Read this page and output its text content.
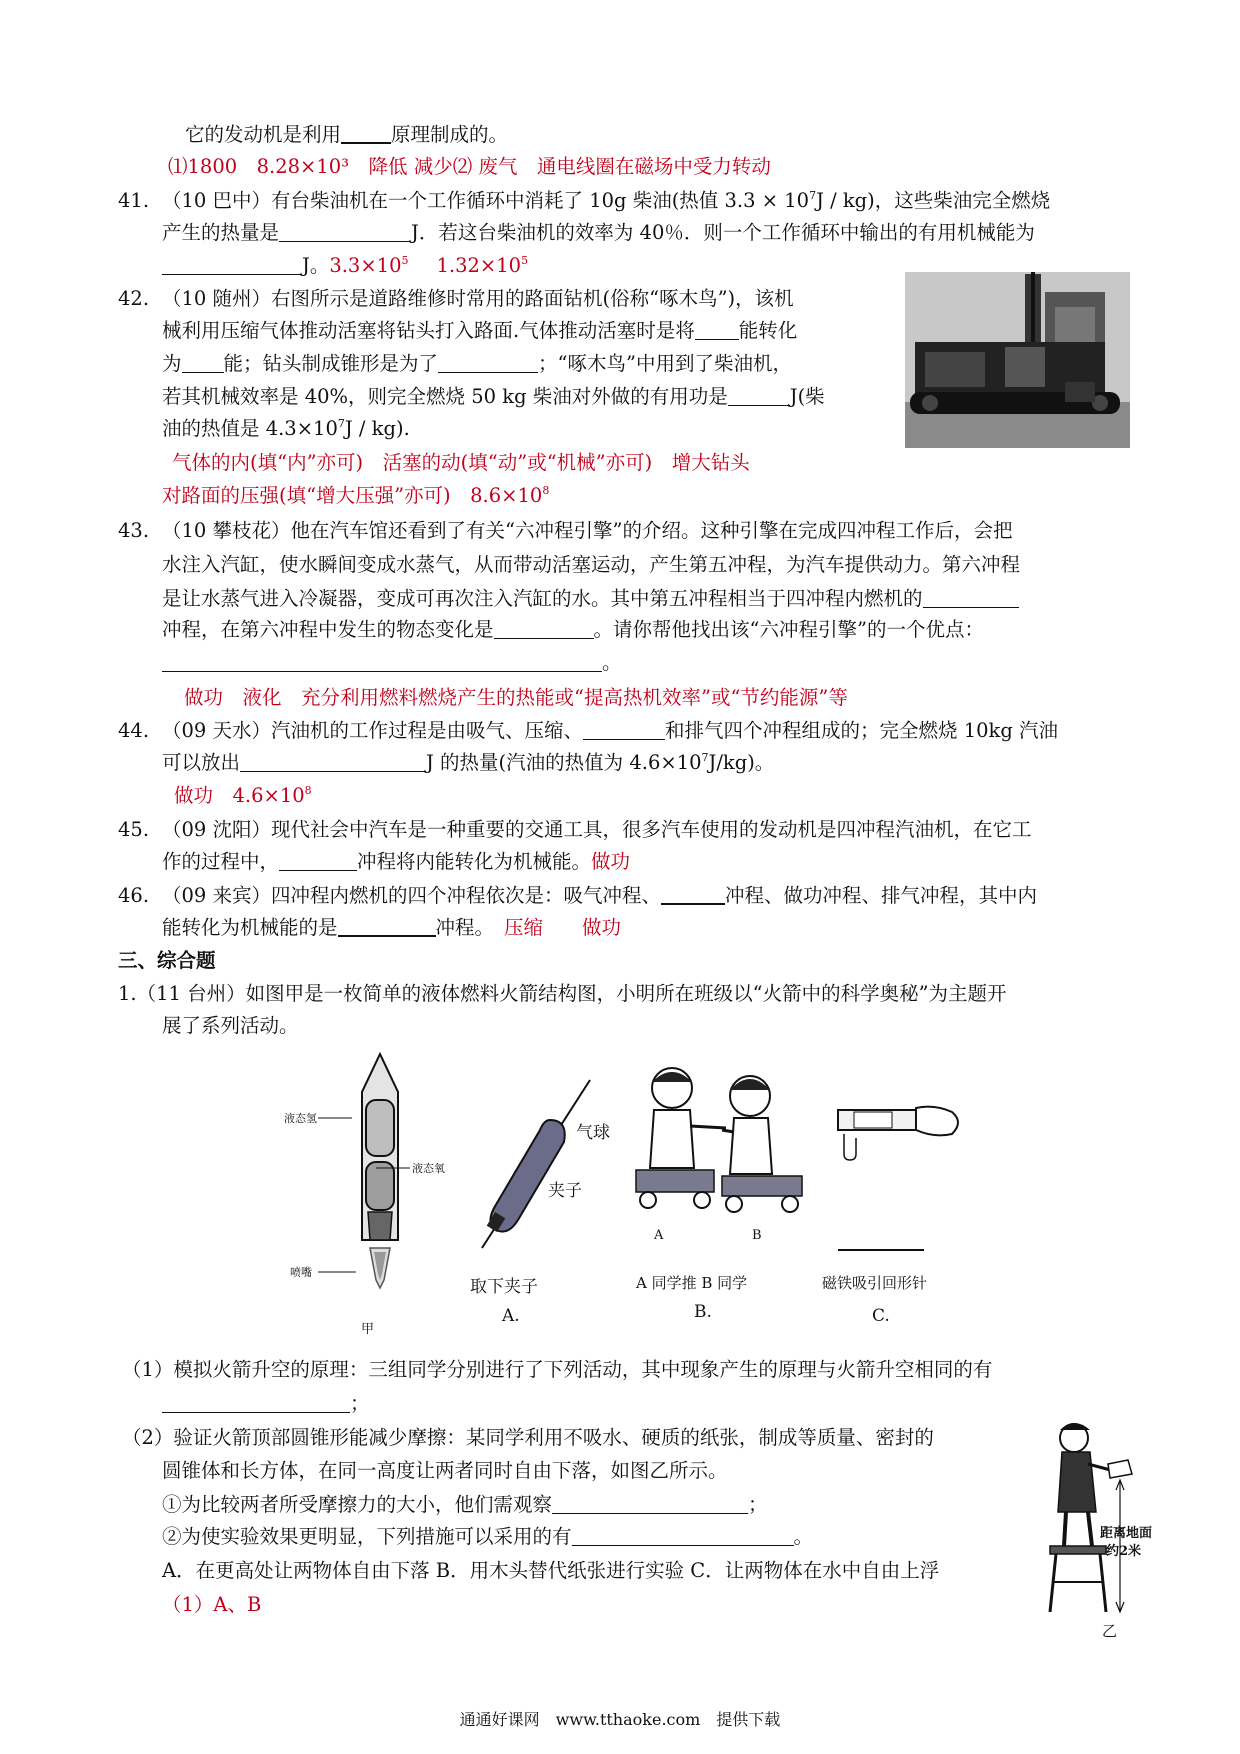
它的发动机是利用	原理制成的。
⑴1800　8.28×10³　降低 减少⑵ 废气　通电线圈在磁场中受力转动
41. （10 巴中）有台柴油机在一个工作循环中消耗了 10g 柴油(热值 $3.3 \times 10^7J / kg$)，这些柴油完全燃烧
产生的热量是	J．若这台柴油机的效率为 40％．则一个工作循环中输出的有用机械能为
J。$3.3\times 10^5$ $1.32\times 10^5$
42. （10 随州）右图所示是道路维修时常用的路面钻机(俗称“啄木鸟”)，该机
械利用压缩气体推动活塞将钻头打入路面.气体推动活塞时是将 能转化
为 能；钻头制成锥形是为了	；“啄木鸟”中用到了柴油机，
若其机械效率是 40%，则完全燃烧 50 kg 柴油对外做的有用功是	J(柴
油的热值是 $4.3\times 10^7J / kg$).
气体的内(填“内”亦可)　活塞的动(填“动”或“机械”亦可)　增大钻头
对路面的压强(填“增大压强”亦可)　$8.6\times 10^8$
43. （10 攀枝花）他在汽车馆还看到了有关“六冲程引擎”的介绍。这种引擎在完成四冲程工作后，会把
水注入汽缸，使水瞬间变成水蒸气，从而带动活塞运动，产生第五冲程，为汽车提供动力。第六冲程
是让水蒸气进入冷凝器，变成可再次注入汽缸的水。其中第五冲程相当于四冲程内燃机的
冲程，在第六冲程中发生的物态变化是	。请你帮他找出该“六冲程引擎”的一个优点：
。
做功　液化　充分利用燃料燃烧产生的热能或“提高热机效率”或“节约能源”等
44. （09 天水）汽油机的工作过程是由吸气、压缩、	和排气四个冲程组成的；完全燃烧 10kg 汽油
可以放出	J 的热量(汽油的热值为 $4.6\times 10^7J/kg$)。
做功　$4.6\times 10^8$
45. （09 沈阳）现代社会中汽车是一种重要的交通工具，很多汽车使用的发动机是四冲程汽油机，在它工
作的过程中，	冲程将内能转化为机械能。做功
46. （09 来宾）四冲程内燃机的四个冲程依次是：吸气冲程、	冲程、做功冲程、排气冲程，其中内
能转化为机械能的是	冲程。 压缩　　做功
三、综合题
1.（11 台州）如图甲是一枚简单的液体燃料火箭结构图，小明所在班级以“火箭中的科学奥秘”为主题开
展了系列活动。
液态氢
液态氧
喷嘴
甲
气球
夹子
取下夹子
A.
A	B
A 同学推 B 同学
B.
磁铁吸引回形针
C.
（1）模拟火箭升空的原理：三组同学分别进行了下列活动，其中现象产生的原理与火箭升空相同的有
；
（2）验证火箭顶部圆锥形能减少摩擦：某同学利用不吸水、硬质的纸张，制成等质量、密封的
圆锥体和长方体，在同一高度让两者同时自由下落，如图乙所示。
①为比较两者所受摩擦力的大小，他们需观察	；
②为使实验效果更明显，下列措施可以采用的有	。
A．在更高处让两物体自由下落 B．用木头替代纸张进行实验 C．让两物体在水中自由上浮
（1）A、B
距离地面
约2米
乙
通通好课网　www.tthaoke.com　提供下载
